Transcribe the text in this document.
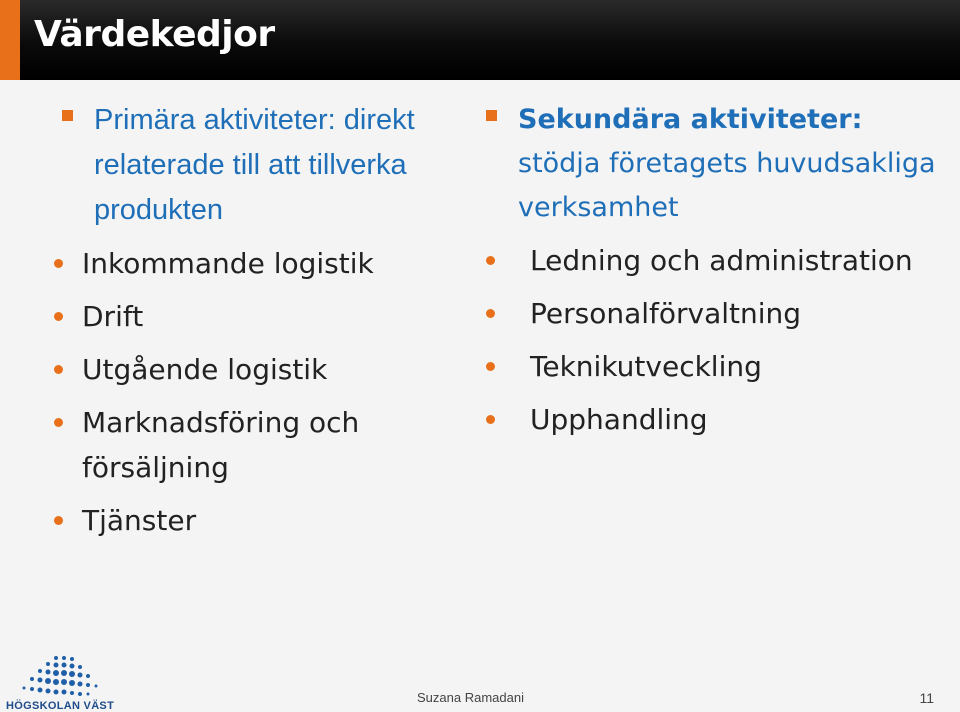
Värdekedjor
Primära aktiviteter: direkt relaterade till att tillverka produkten
Inkommande logistik
Drift
Utgående logistik
Marknadsföring och försäljning
Tjänster
Sekundära aktiviteter: stödja företagets huvudsakliga verksamhet
Ledning och administration
Personalförvaltning
Teknikutveckling
Upphandling
HÖGSKOLAN VÄST
Suzana Ramadani	11
